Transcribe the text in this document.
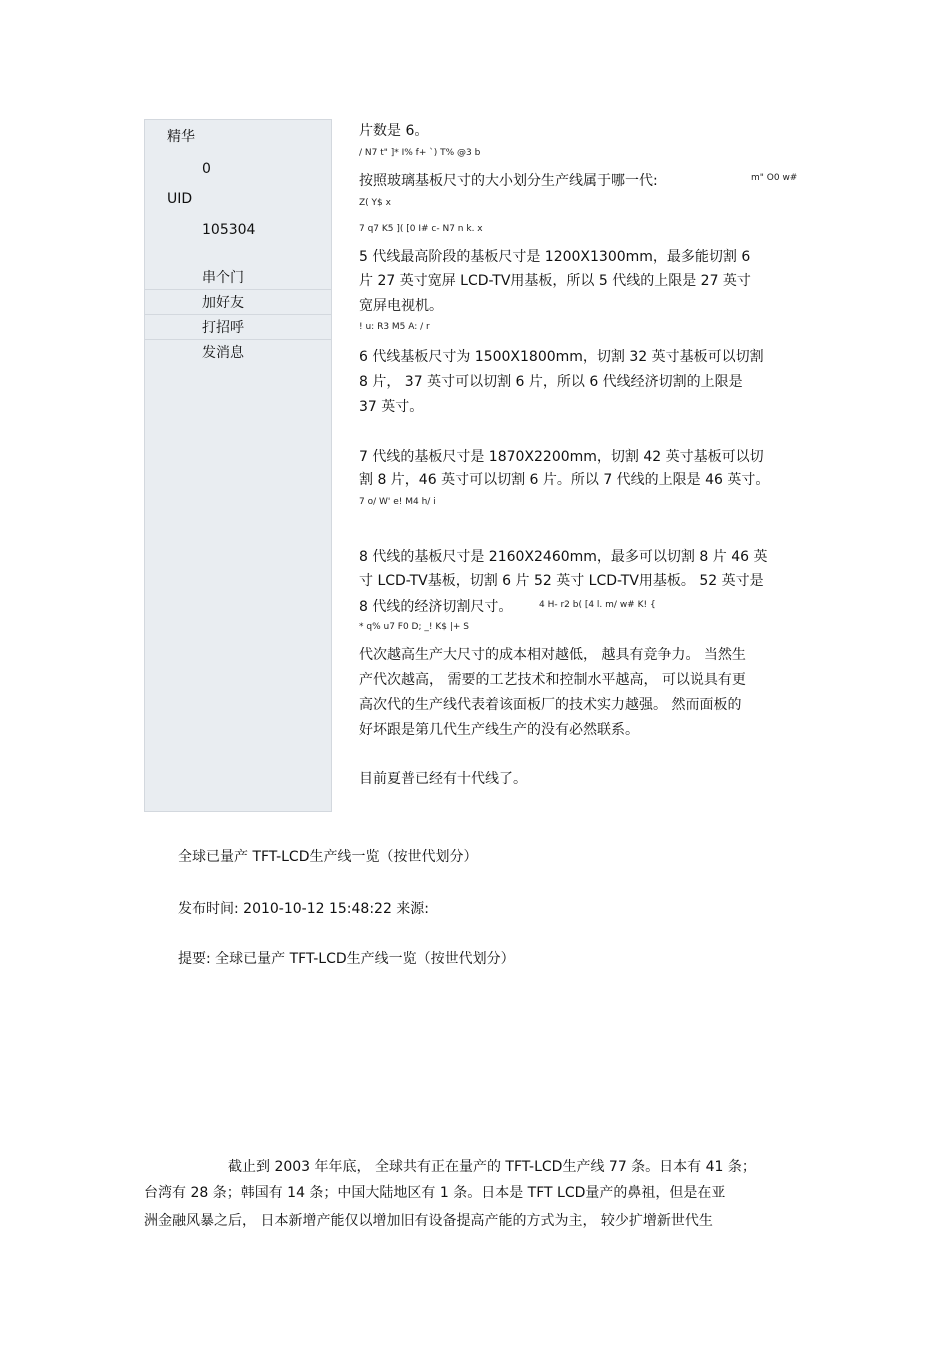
精华
0
UID
105304
串个门
加好友
打招呼
发消息
片数是 6。
/ N7 t" ]* I% f+ `) T% @3 b
按照玻璃基板尺寸的大小划分生产线属于哪一代:
Z( Y$ x
7 q7 K5 ]( [0 I# c- N7 n k. x
5 代线最高阶段的基板尺寸是 1200X1300mm，最多能切割 6
片 27 英寸宽屏 LCD-TV用基板，所以 5 代线的上限是 27 英寸
宽屏电视机。
! u: R3 M5 A: / r
6 代线基板尺寸为 1500X1800mm，切割 32 英寸基板可以切割
8 片， 37 英寸可以切割 6 片，所以 6 代线经济切割的上限是
37 英寸。
7 代线的基板尺寸是 1870X2200mm，切割 42 英寸基板可以切
割 8 片，46 英寸可以切割 6 片。所以 7 代线的上限是 46 英寸。
7 o/ W' e! M4 h/ i
8 代线的基板尺寸是 2160X2460mm，最多可以切割 8 片 46 英
寸 LCD-TV基板，切割 6 片 52 英寸 LCD-TV用基板。 52 英寸是
8 代线的经济切割尺寸。	4 H- r2 b( [4 l. m/ w# K! {
* q% u7 F0 D; _! K$ |+ S
代次越高生产大尺寸的成本相对越低， 越具有竞争力。 当然生
产代次越高， 需要的工艺技术和控制水平越高， 可以说具有更
高次代的生产线代表着该面板厂的技术实力越强。 然而面板的
好坏跟是第几代生产线生产的没有必然联系。
目前夏普已经有十代线了。
m" O0 w#
全球已量产 TFT-LCD生产线一览（按世代划分）
发布时间: 2010-10-12 15:48:22 来源:
提要: 全球已量产 TFT-LCD生产线一览（按世代划分）
截止到 2003 年年底， 全球共有正在量产的 TFT-LCD生产线 77 条。日本有 41 条；
台湾有 28 条；韩国有 14 条；中国大陆地区有 1 条。日本是 TFT LCD量产的鼻祖，但是在亚
洲金融风暴之后， 日本新增产能仅以增加旧有设备提高产能的方式为主， 较少扩增新世代生
